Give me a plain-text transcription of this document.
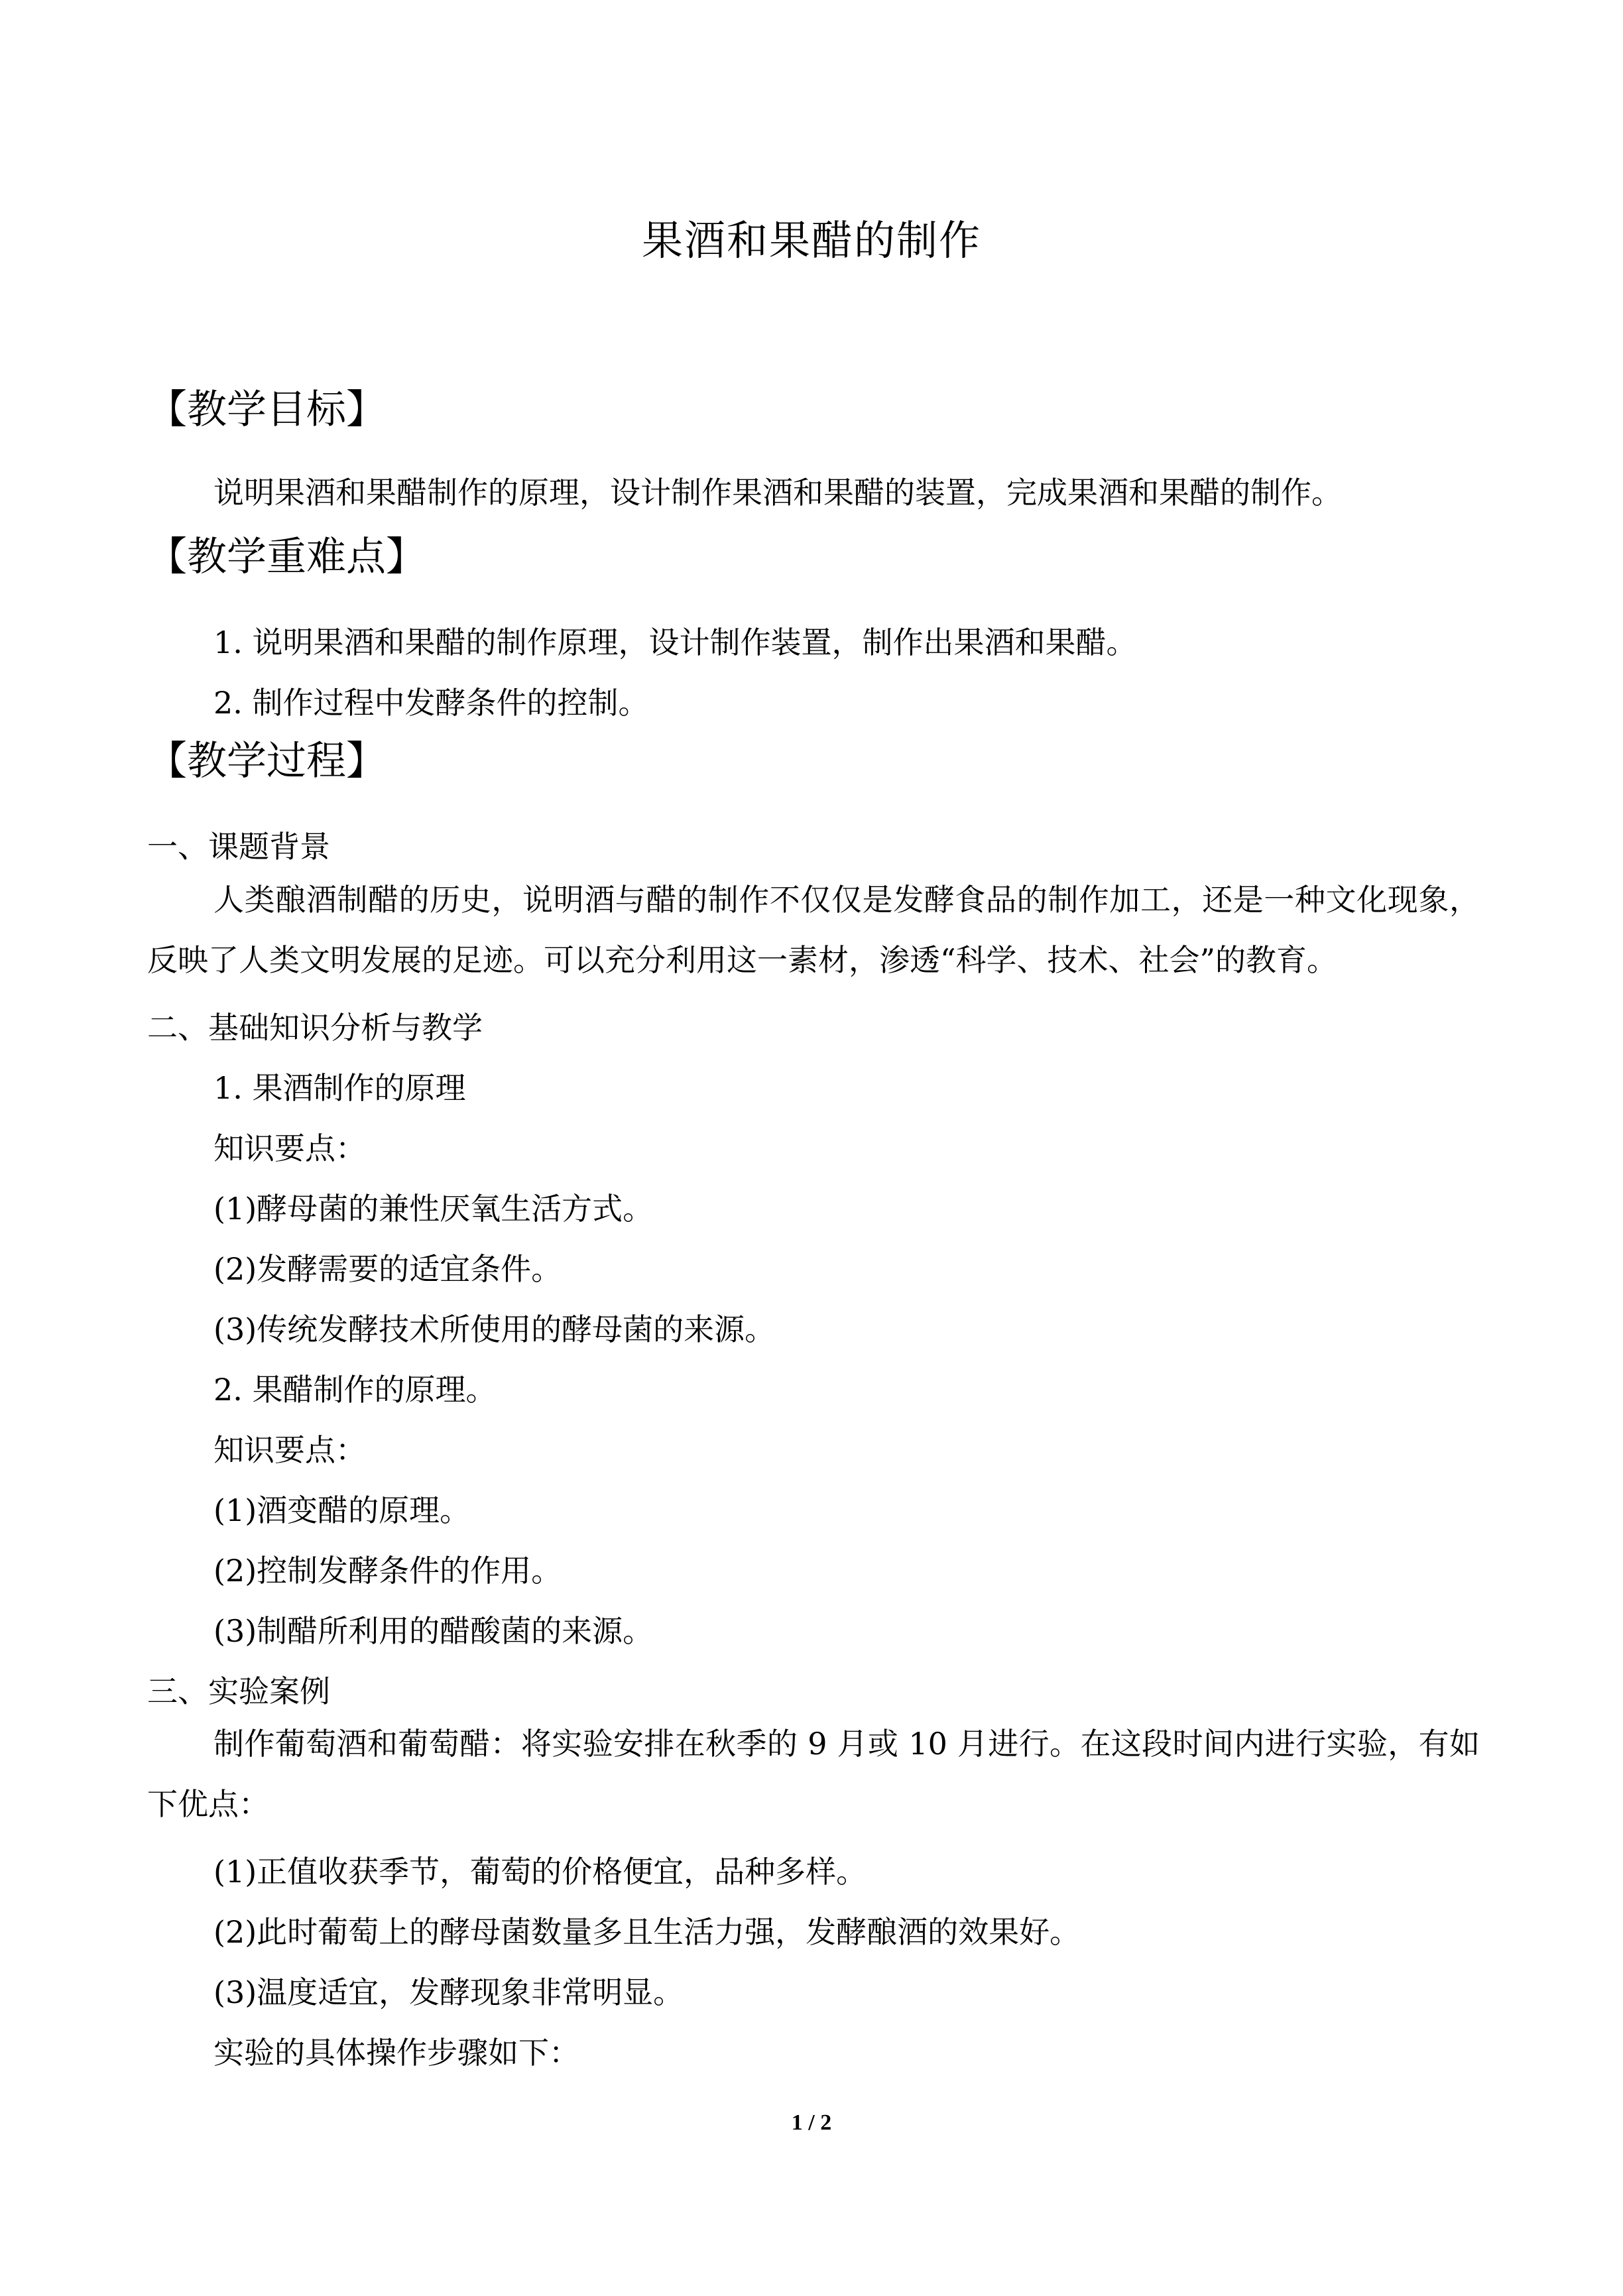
果酒和果醋的制作
【教学目标】

说明果酒和果醋制作的原理，设计制作果酒和果醋的装置，完成果酒和果醋的制作。

【教学重难点】

1. 说明果酒和果醋的制作原理，设计制作装置，制作出果酒和果醋。

2. 制作过程中发酵条件的控制。

【教学过程】

一、课题背景

人类酿酒制醋的历史，说明酒与醋的制作不仅仅是发酵食品的制作加工，还是一种文化现象，反映了人类文明发展的足迹。可以充分利用这一素材，渗透“科学、技术、社会”的教育。

二、基础知识分析与教学

1. 果酒制作的原理

知识要点：

(1)酵母菌的兼性厌氧生活方式。

(2)发酵需要的适宜条件。

(3)传统发酵技术所使用的酵母菌的来源。

2. 果醋制作的原理。

知识要点：

(1)酒变醋的原理。

(2)控制发酵条件的作用。

(3)制醋所利用的醋酸菌的来源。

三、实验案例

制作葡萄酒和葡萄醋：将实验安排在秋季的 9 月或 10 月进行。在这段时间内进行实验，有如下优点：

(1)正值收获季节，葡萄的价格便宜，品种多样。

(2)此时葡萄上的酵母菌数量多且生活力强，发酵酿酒的效果好。

(3)温度适宜，发酵现象非常明显。

实验的具体操作步骤如下：

1 / 2
